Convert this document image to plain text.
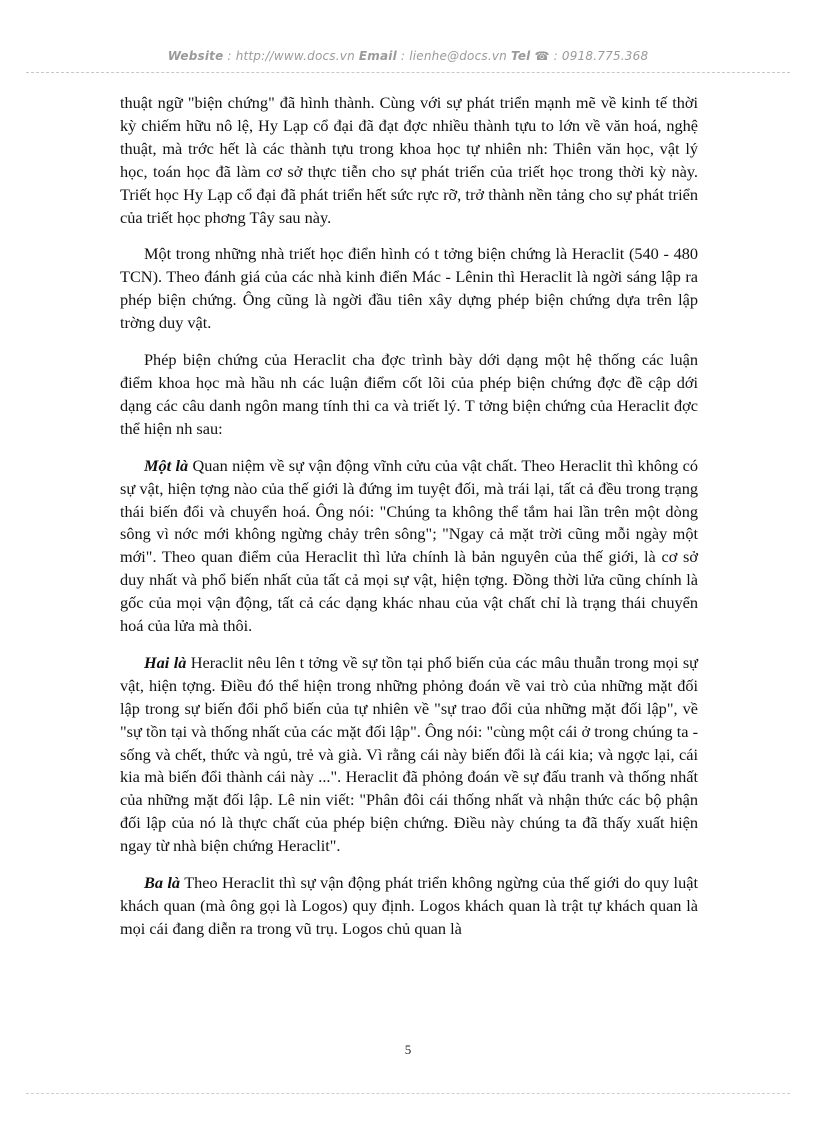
Website : http://www.docs.vn Email : lienhe@docs.vn Tel ☎ : 0918.775.368

thuật ngữ "biện chứng" đã hình thành. Cùng với sự phát triển mạnh mẽ về kinh tế thời kỳ chiếm hữu nô lệ, Hy Lạp cổ đại đã đạt đợc nhiều thành tựu to lớn về văn hoá, nghệ thuật, mà trớc hết là các thành tựu trong khoa học tự nhiên nh: Thiên văn học, vật lý học, toán học đã làm cơ sở thực tiễn cho sự phát triển của triết học trong thời kỳ này. Triết học Hy Lạp cổ đại đã phát triển hết sức rực rỡ, trở thành nền tảng cho sự phát triển của triết học phơng Tây sau này.

Một trong những nhà triết học điển hình có t tởng biện chứng là Heraclit (540 - 480 TCN). Theo đánh giá của các nhà kinh điển Mác - Lênin thì Heraclit là ngời sáng lập ra phép biện chứng. Ông cũng là ngời đầu tiên xây dựng phép biện chứng dựa trên lập trờng duy vật.

Phép biện chứng của Heraclit cha đợc trình bày dới dạng một hệ thống các luận điểm khoa học mà hầu nh các luận điểm cốt lõi của phép biện chứng đợc đề cập dới dạng các câu danh ngôn mang tính thi ca và triết lý. T tởng biện chứng của Heraclit đợc thể hiện nh sau:

Một là Quan niệm về sự vận động vĩnh cửu của vật chất. Theo Heraclit thì không có sự vật, hiện tợng nào của thế giới là đứng im tuyệt đối, mà trái lại, tất cả đều trong trạng thái biến đổi và chuyển hoá. Ông nói: "Chúng ta không thể tắm hai lần trên một dòng sông vì nớc mới không ngừng chảy trên sông"; "Ngay cả mặt trời cũng mỗi ngày một mới". Theo quan điểm của Heraclit thì lửa chính là bản nguyên của thế giới, là cơ sở duy nhất và phổ biến nhất của tất cả mọi sự vật, hiện tợng. Đồng thời lửa cũng chính là gốc của mọi vận động, tất cả các dạng khác nhau của vật chất chỉ là trạng thái chuyển hoá của lửa mà thôi.

Hai là Heraclit nêu lên t tởng về sự tồn tại phổ biến của các mâu thuẫn trong mọi sự vật, hiện tợng. Điều đó thể hiện trong những phỏng đoán về vai trò của những mặt đối lập trong sự biến đổi phổ biến của tự nhiên về "sự trao đổi của những mặt đối lập", về "sự tồn tại và thống nhất của các mặt đối lập". Ông nói: "cùng một cái ở trong chúng ta - sống và chết, thức và ngủ, trẻ và già. Vì rằng cái này biến đổi là cái kia; và ngợc lại, cái kia mà biến đổi thành cái này ...". Heraclit đã phỏng đoán về sự đấu tranh và thống nhất của những mặt đối lập. Lê nin viết: "Phân đôi cái thống nhất và nhận thức các bộ phận đối lập của nó là thực chất của phép biện chứng. Điều này chúng ta đã thấy xuất hiện ngay từ nhà biện chứng Heraclit".

Ba là Theo Heraclit thì sự vận động phát triển không ngừng của thế giới do quy luật khách quan (mà ông gọi là Logos) quy định. Logos khách quan là trật tự khách quan là mọi cái đang diễn ra trong vũ trụ. Logos chủ quan là

5
